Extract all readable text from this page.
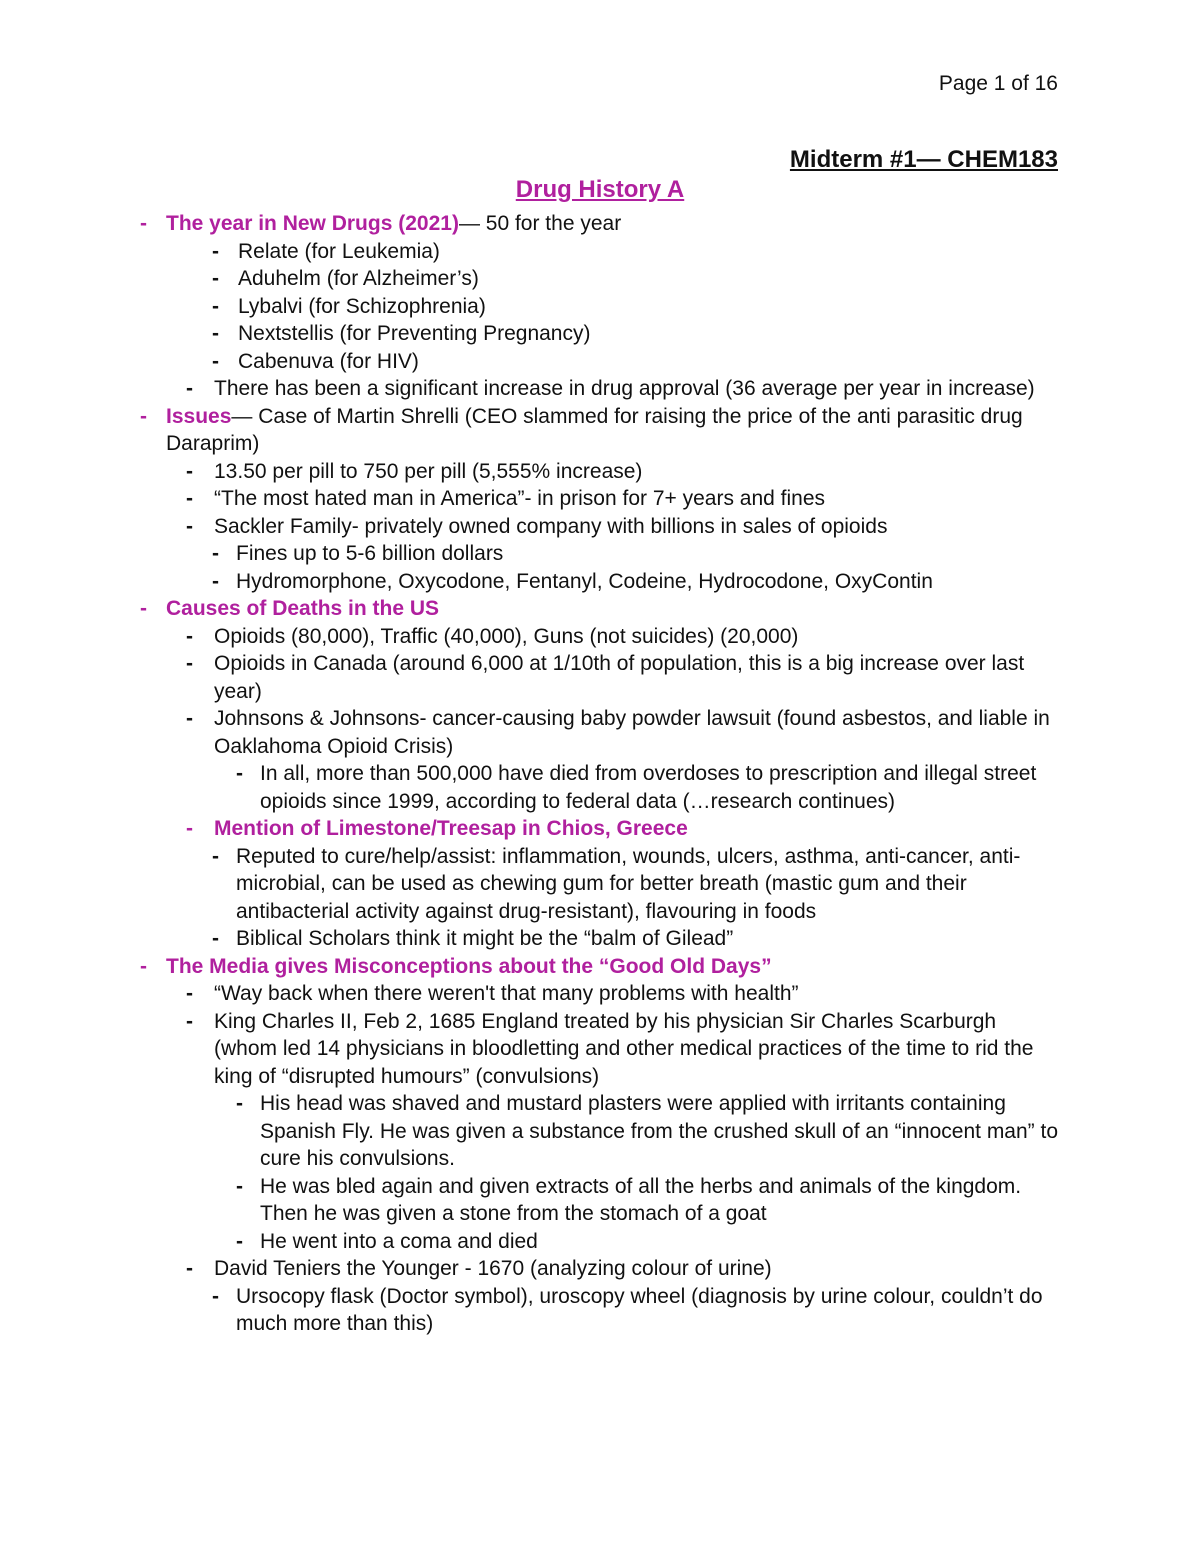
Page 1 of 16
Midterm #1— CHEM183
Drug History A
- The year in New Drugs (2021)— 50 for the year
- Relate (for Leukemia)
- Aduhelm (for Alzheimer’s)
- Lybalvi (for Schizophrenia)
- Nextstellis (for Preventing Pregnancy)
- Cabenuva (for HIV)
- There has been a significant increase in drug approval (36 average per year in increase)
- Issues— Case of Martin Shrelli (CEO slammed for raising the price of the anti parasitic drug Daraprim)
- 13.50 per pill to 750 per pill (5,555% increase)
- “The most hated man in America”- in prison for 7+ years and fines
- Sackler Family- privately owned company with billions in sales of opioids
- Fines up to 5-6 billion dollars
- Hydromorphone, Oxycodone, Fentanyl, Codeine, Hydrocodone, OxyContin
- Causes of Deaths in the US
- Opioids (80,000), Traffic (40,000), Guns (not suicides) (20,000)
- Opioids in Canada (around 6,000 at 1/10th of population, this is a big increase over last year)
- Johnsons & Johnsons- cancer-causing baby powder lawsuit (found asbestos, and liable in Oaklahoma Opioid Crisis)
- In all, more than 500,000 have died from overdoses to prescription and illegal street opioids since 1999, according to federal data (…research continues)
- Mention of Limestone/Treesap in Chios, Greece
- Reputed to cure/help/assist: inflammation, wounds, ulcers, asthma, anti-cancer, anti-microbial, can be used as chewing gum for better breath (mastic gum and their antibacterial activity against drug-resistant), flavouring in foods
- Biblical Scholars think it might be the “balm of Gilead”
- The Media gives Misconceptions about the “Good Old Days”
- “Way back when there weren't that many problems with health”
- King Charles II, Feb 2, 1685 England treated by his physician Sir Charles Scarburgh (whom led 14 physicians in bloodletting and other medical practices of the time to rid the king of “disrupted humours” (convulsions)
- His head was shaved and mustard plasters were applied with irritants containing Spanish Fly. He was given a substance from the crushed skull of an “innocent man” to cure his convulsions.
- He was bled again and given extracts of all the herbs and animals of the kingdom. Then he was given a stone from the stomach of a goat
- He went into a coma and died
- David Teniers the Younger - 1670 (analyzing colour of urine)
- Ursocopy flask (Doctor symbol), uroscopy wheel (diagnosis by urine colour, couldn’t do much more than this)
